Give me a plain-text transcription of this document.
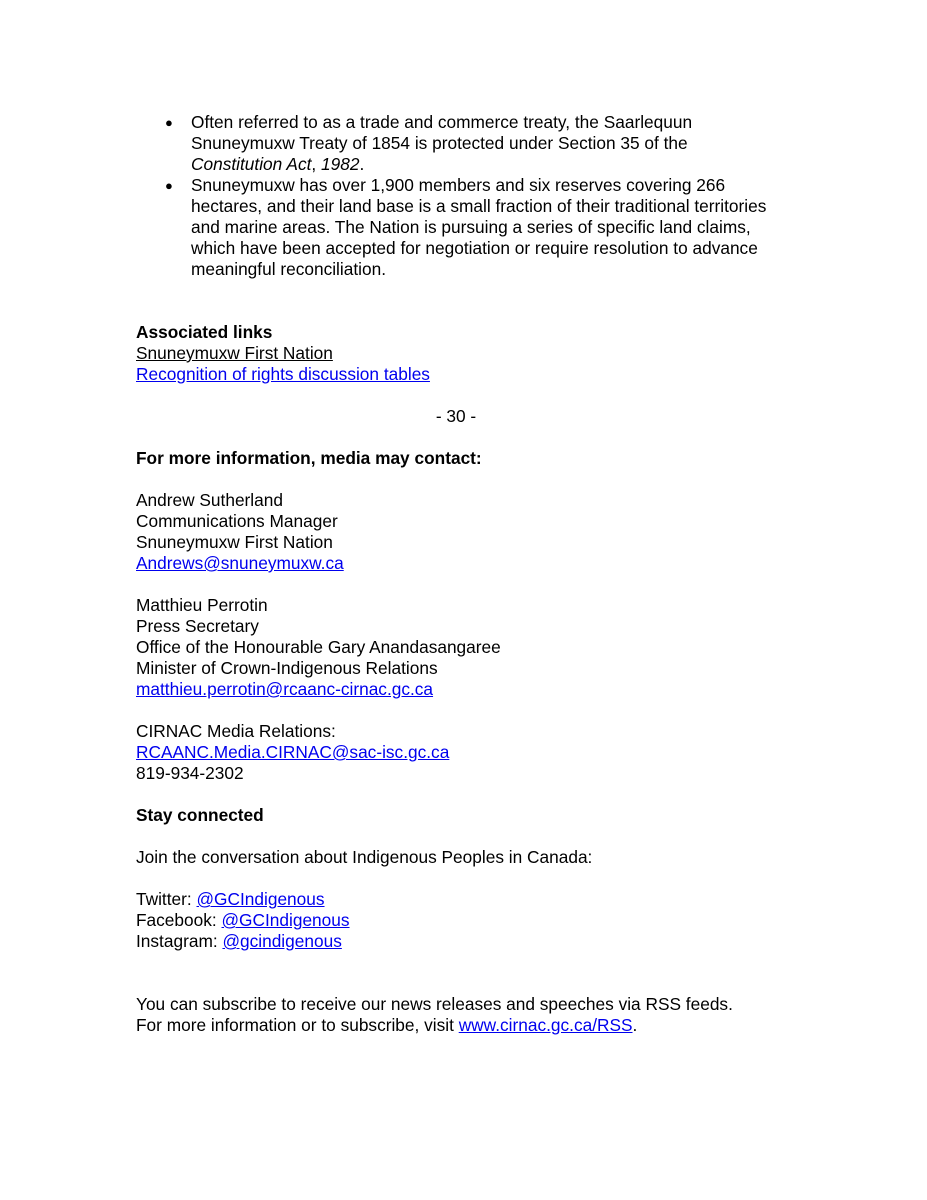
● Often referred to as a trade and commerce treaty, the Saarlequun Snuneymuxw Treaty of 1854 is protected under Section 35 of the Constitution Act, 1982.
● Snuneymuxw has over 1,900 members and six reserves covering 266 hectares, and their land base is a small fraction of their traditional territories and marine areas. The Nation is pursuing a series of specific land claims, which have been accepted for negotiation or require resolution to advance meaningful reconciliation.
Associated links
Snuneymuxw First Nation
Recognition of rights discussion tables
- 30 -
For more information, media may contact:
Andrew Sutherland
Communications Manager
Snuneymuxw First Nation
Andrews@snuneymuxw.ca
Matthieu Perrotin
Press Secretary
Office of the Honourable Gary Anandasangaree
Minister of Crown-Indigenous Relations
matthieu.perrotin@rcaanc-cirnac.gc.ca
CIRNAC Media Relations:
RCAANC.Media.CIRNAC@sac-isc.gc.ca
819-934-2302
Stay connected
Join the conversation about Indigenous Peoples in Canada:
Twitter: @GCIndigenous
Facebook: @GCIndigenous
Instagram: @gcindigenous
You can subscribe to receive our news releases and speeches via RSS feeds.
For more information or to subscribe, visit www.cirnac.gc.ca/RSS.
